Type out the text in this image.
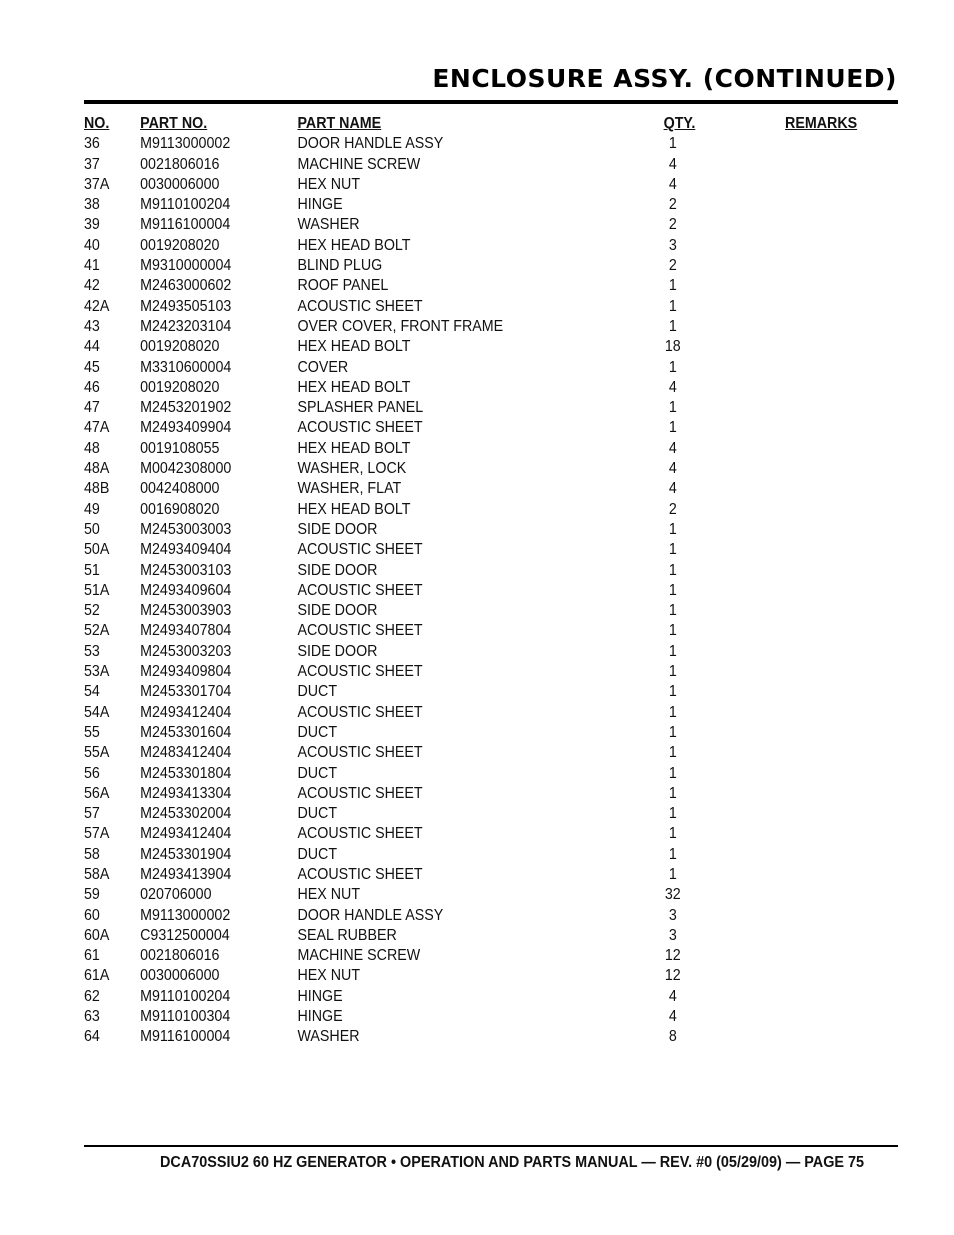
ENCLOSURE ASSY. (CONTINUED)
NO. PART NO.	PART NAME	QTY.	REMARKS
36	M9113000002	DOOR HANDLE ASSY	1
37	0021806016	MACHINE SCREW	4
37A 0030006000	HEX NUT	4
38	M9110100204	HINGE	2
39	M9116100004	WASHER	2
40	0019208020	HEX HEAD BOLT	3
41	M9310000004	BLIND PLUG	2
42	M2463000602	ROOF PANEL	1
42A M2493505103	ACOUSTIC SHEET	1
43	M2423203104	OVER COVER, FRONT FRAME	1
44	0019208020	HEX HEAD BOLT	18
45	M3310600004	COVER	1
46	0019208020	HEX HEAD BOLT	4
47	M2453201902	SPLASHER PANEL	1
47A M2493409904	ACOUSTIC SHEET	1
48	0019108055	HEX HEAD BOLT	4
48A M0042308000	WASHER, LOCK	4
48B 0042408000	WASHER, FLAT	4
49	0016908020	HEX HEAD BOLT	2
50	M2453003003	SIDE DOOR	1
50A M2493409404	ACOUSTIC SHEET	1
51	M2453003103	SIDE DOOR	1
51A M2493409604	ACOUSTIC SHEET	1
52	M2453003903	SIDE DOOR	1
52A M2493407804	ACOUSTIC SHEET	1
53	M2453003203	SIDE DOOR	1
53A M2493409804	ACOUSTIC SHEET	1
54	M2453301704	DUCT	1
54A M2493412404	ACOUSTIC SHEET	1
55	M2453301604	DUCT	1
55A M2483412404	ACOUSTIC SHEET	1
56	M2453301804	DUCT	1
56A M2493413304	ACOUSTIC SHEET	1
57	M2453302004	DUCT	1
57A M2493412404	ACOUSTIC SHEET	1
58	M2453301904	DUCT	1
58A M2493413904	ACOUSTIC SHEET	1
59	020706000	HEX NUT	32
60	M9113000002	DOOR HANDLE ASSY	3
60A C9312500004	SEAL RUBBER	3
61	0021806016	MACHINE SCREW	12
61A 0030006000	HEX NUT	12
62	M9110100204	HINGE	4
63	M9110100304	HINGE	4
64	M9116100004	WASHER	8
DCA70SSIU2 60 HZ GENERATOR • OPERATION AND PARTS MANUAL — REV. #0 (05/29/09) — PAGE 75
